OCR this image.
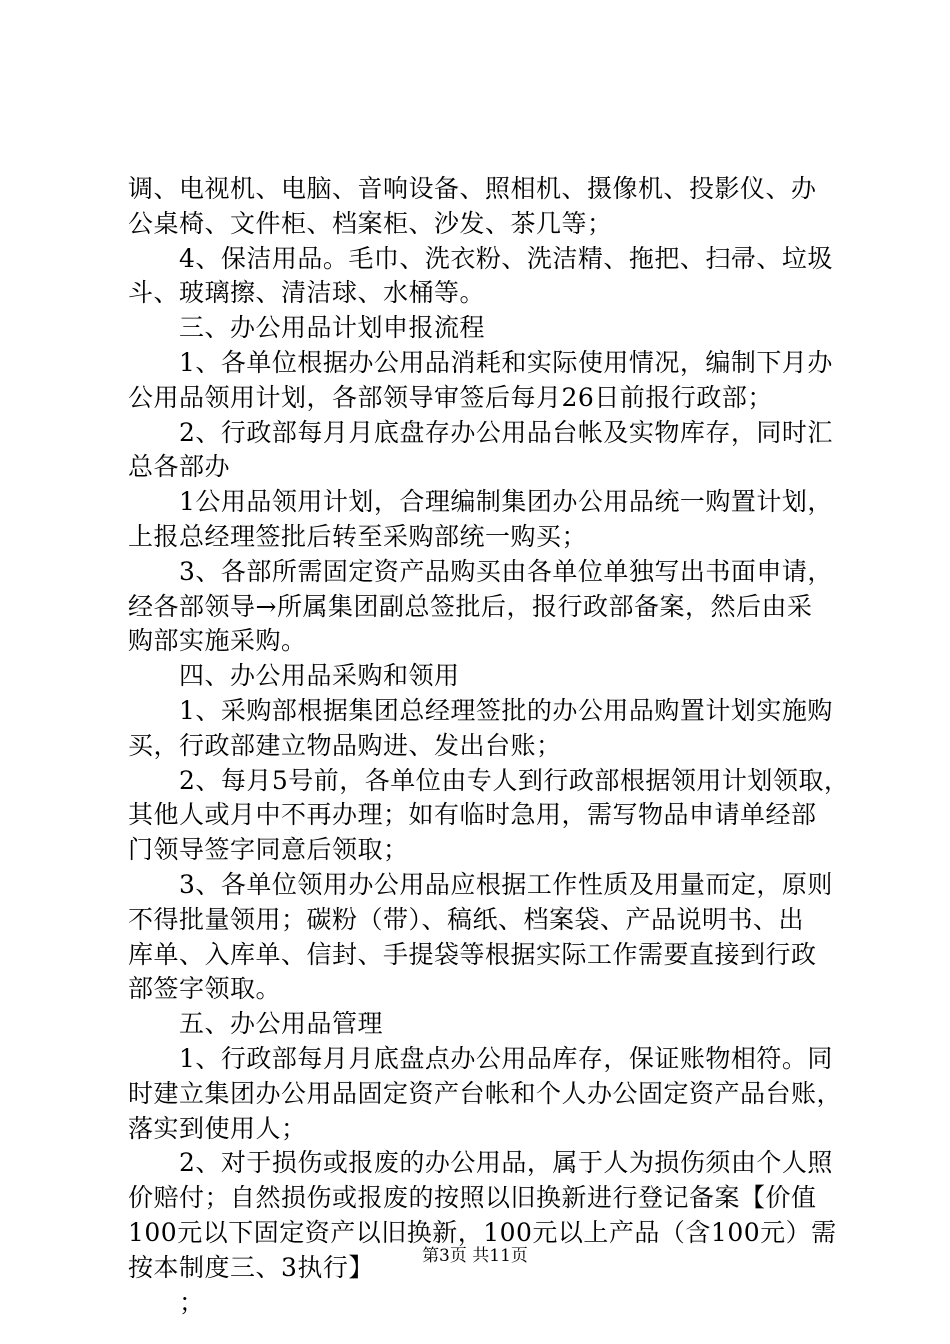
调、电视机、电脑、音响设备、照相机、摄像机、投影仪、办
公桌椅、文件柜、档案柜、沙发、茶几等；
　　4、保洁用品。毛巾、洗衣粉、洗洁精、拖把、扫帚、垃圾
斗、玻璃擦、清洁球、水桶等。
　　三、办公用品计划申报流程
　　1、各单位根据办公用品消耗和实际使用情况，编制下月办
公用品领用计划，各部领导审签后每月26日前报行政部；
　　2、行政部每月月底盘存办公用品台帐及实物库存，同时汇
总各部办
　　1公用品领用计划，合理编制集团办公用品统一购置计划，
上报总经理签批后转至采购部统一购买；
　　3、各部所需固定资产品购买由各单位单独写出书面申请，
经各部领导→所属集团副总签批后，报行政部备案，然后由采
购部实施采购。
　　四、办公用品采购和领用
　　1、采购部根据集团总经理签批的办公用品购置计划实施购
买，行政部建立物品购进、发出台账；
　　2、每月5号前，各单位由专人到行政部根据领用计划领取，
其他人或月中不再办理；如有临时急用，需写物品申请单经部
门领导签字同意后领取；
　　3、各单位领用办公用品应根据工作性质及用量而定，原则
不得批量领用；碳粉（带）、稿纸、档案袋、产品说明书、出
库单、入库单、信封、手提袋等根据实际工作需要直接到行政
部签字领取。
　　五、办公用品管理
　　1、行政部每月月底盘点办公用品库存，保证账物相符。同
时建立集团办公用品固定资产台帐和个人办公固定资产品台账，
落实到使用人；
　　2、对于损伤或报废的办公用品，属于人为损伤须由个人照
价赔付；自然损伤或报废的按照以旧换新进行登记备案【价值
100元以下固定资产以旧换新，100元以上产品（含100元）需
按本制度三、3执行】
　　；
第3页 共11页
